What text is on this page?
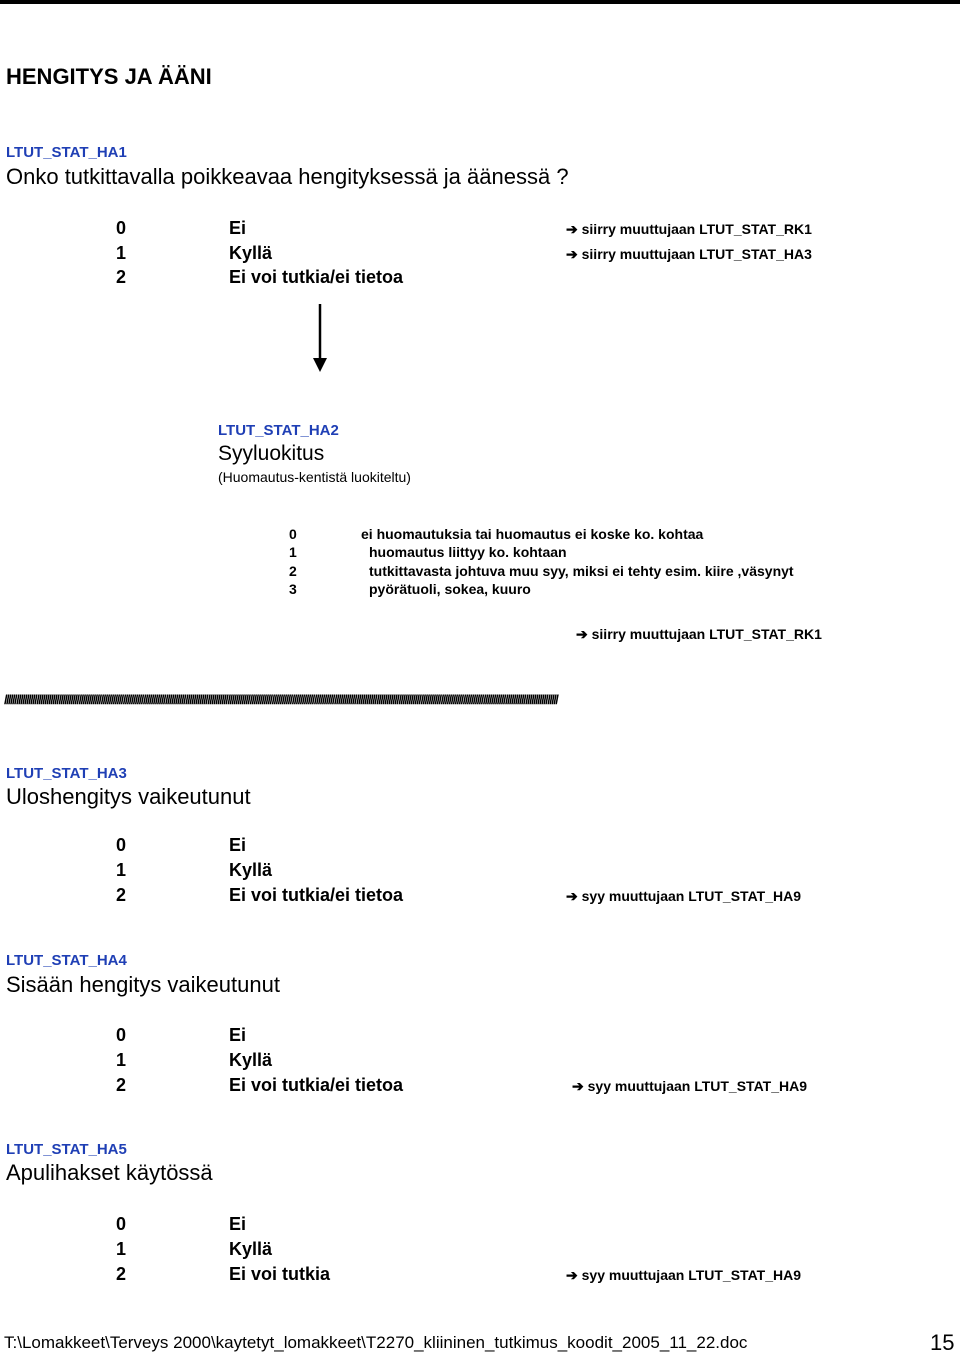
HENGITYS JA ÄÄNI
LTUT_STAT_HA1
Onko tutkittavalla poikkeavaa hengityksessä ja äänessä ?
0	Ei	➔ siirry muuttujaan LTUT_STAT_RK1
1	Kyllä	➔ siirry muuttujaan LTUT_STAT_HA3
2	Ei voi tutkia/ei tietoa
LTUT_STAT_HA2
Syyluokitus
(Huomautus-kentistä luokiteltu)
0	ei huomautuksia tai huomautus ei koske ko. kohtaa
1	huomautus liittyy ko. kohtaan
2	tutkittavasta johtuva muu syy, miksi ei tehty esim. kiire ,väsynyt
3	pyörätuoli, sokea, kuuro
➔ siirry muuttujaan LTUT_STAT_RK1
///////////////////////////////////////////////////////////////////////////////////////////////////////////////////////////////////////////////////////////////////////////////////////////////////////////////////////////////////////////////////////////////////////////////////
LTUT_STAT_HA3
Uloshengitys vaikeutunut
0	Ei
1	Kyllä
2	Ei voi tutkia/ei tietoa	➔ syy muuttujaan LTUT_STAT_HA9
LTUT_STAT_HA4
Sisään hengitys vaikeutunut
0	Ei
1	Kyllä
2	Ei voi tutkia/ei tietoa	➔ syy muuttujaan LTUT_STAT_HA9
LTUT_STAT_HA5
Apulihakset käytössä
0	Ei
1	Kyllä
2	Ei voi tutkia	➔ syy muuttujaan LTUT_STAT_HA9
T:\Lomakkeet\Terveys 2000\kaytetyt_lomakkeet\T2270_kliininen_tutkimus_koodit_2005_11_22.doc	15
